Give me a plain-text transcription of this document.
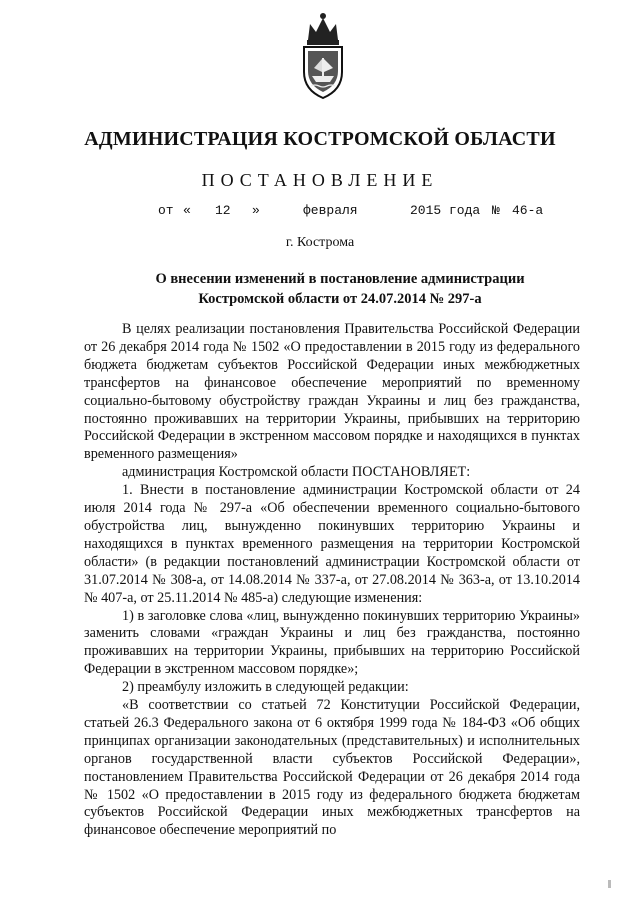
АДМИНИСТРАЦИЯ КОСТРОМСКОЙ ОБЛАСТИ
ПОСТАНОВЛЕНИЕ
от « 12 »	февраля	2015 года № 46-а
г. Кострома
О внесении изменений в постановление администрации
Костромской области от 24.07.2014 № 297-а

В целях реализации постановления Правительства Российской Федерации от 26 декабря 2014 года № 1502 «О предоставлении в 2015 году из федерального бюджета бюджетам субъектов Российской Федерации иных межбюджетных трансфертов на финансовое обеспечение мероприятий по временному социально-бытовому обустройству граждан Украины и лиц без гражданства, постоянно проживавших на территории Украины, прибывших на территорию Российской Федерации в экстренном массовом порядке и находящихся в пунктах временного размещения»

администрация Костромской области ПОСТАНОВЛЯЕТ:

1. Внести в постановление администрации Костромской области от 24 июля 2014 года № 297-а «Об обеспечении временного социально-бытового обустройства лиц, вынужденно покинувших территорию Украины и находящихся в пунктах временного размещения на территории Костромской области» (в редакции постановлений администрации Костромской области от 31.07.2014 № 308-а, от 14.08.2014 № 337-а, от 27.08.2014 № 363-а, от 13.10.2014 № 407-а, от 25.11.2014 № 485-а) следующие изменения:

1) в заголовке слова «лиц, вынужденно покинувших территорию Украины» заменить словами «граждан Украины и лиц без гражданства, постоянно проживавших на территории Украины, прибывших на территорию Российской Федерации в экстренном массовом порядке»;

2) преамбулу изложить в следующей редакции:

«В соответствии со статьей 72 Конституции Российской Федерации, статьей 26.3 Федерального закона от 6 октября 1999 года № 184-ФЗ «Об общих принципах организации законодательных (представительных) и исполнительных органов государственной власти субъектов Российской Федерации», постановлением Правительства Российской Федерации от 26 декабря 2014 года № 1502 «О предоставлении в 2015 году из федерального бюджета бюджетам субъектов Российской Федерации иных межбюджетных трансфертов на финансовое обеспечение мероприятий по
